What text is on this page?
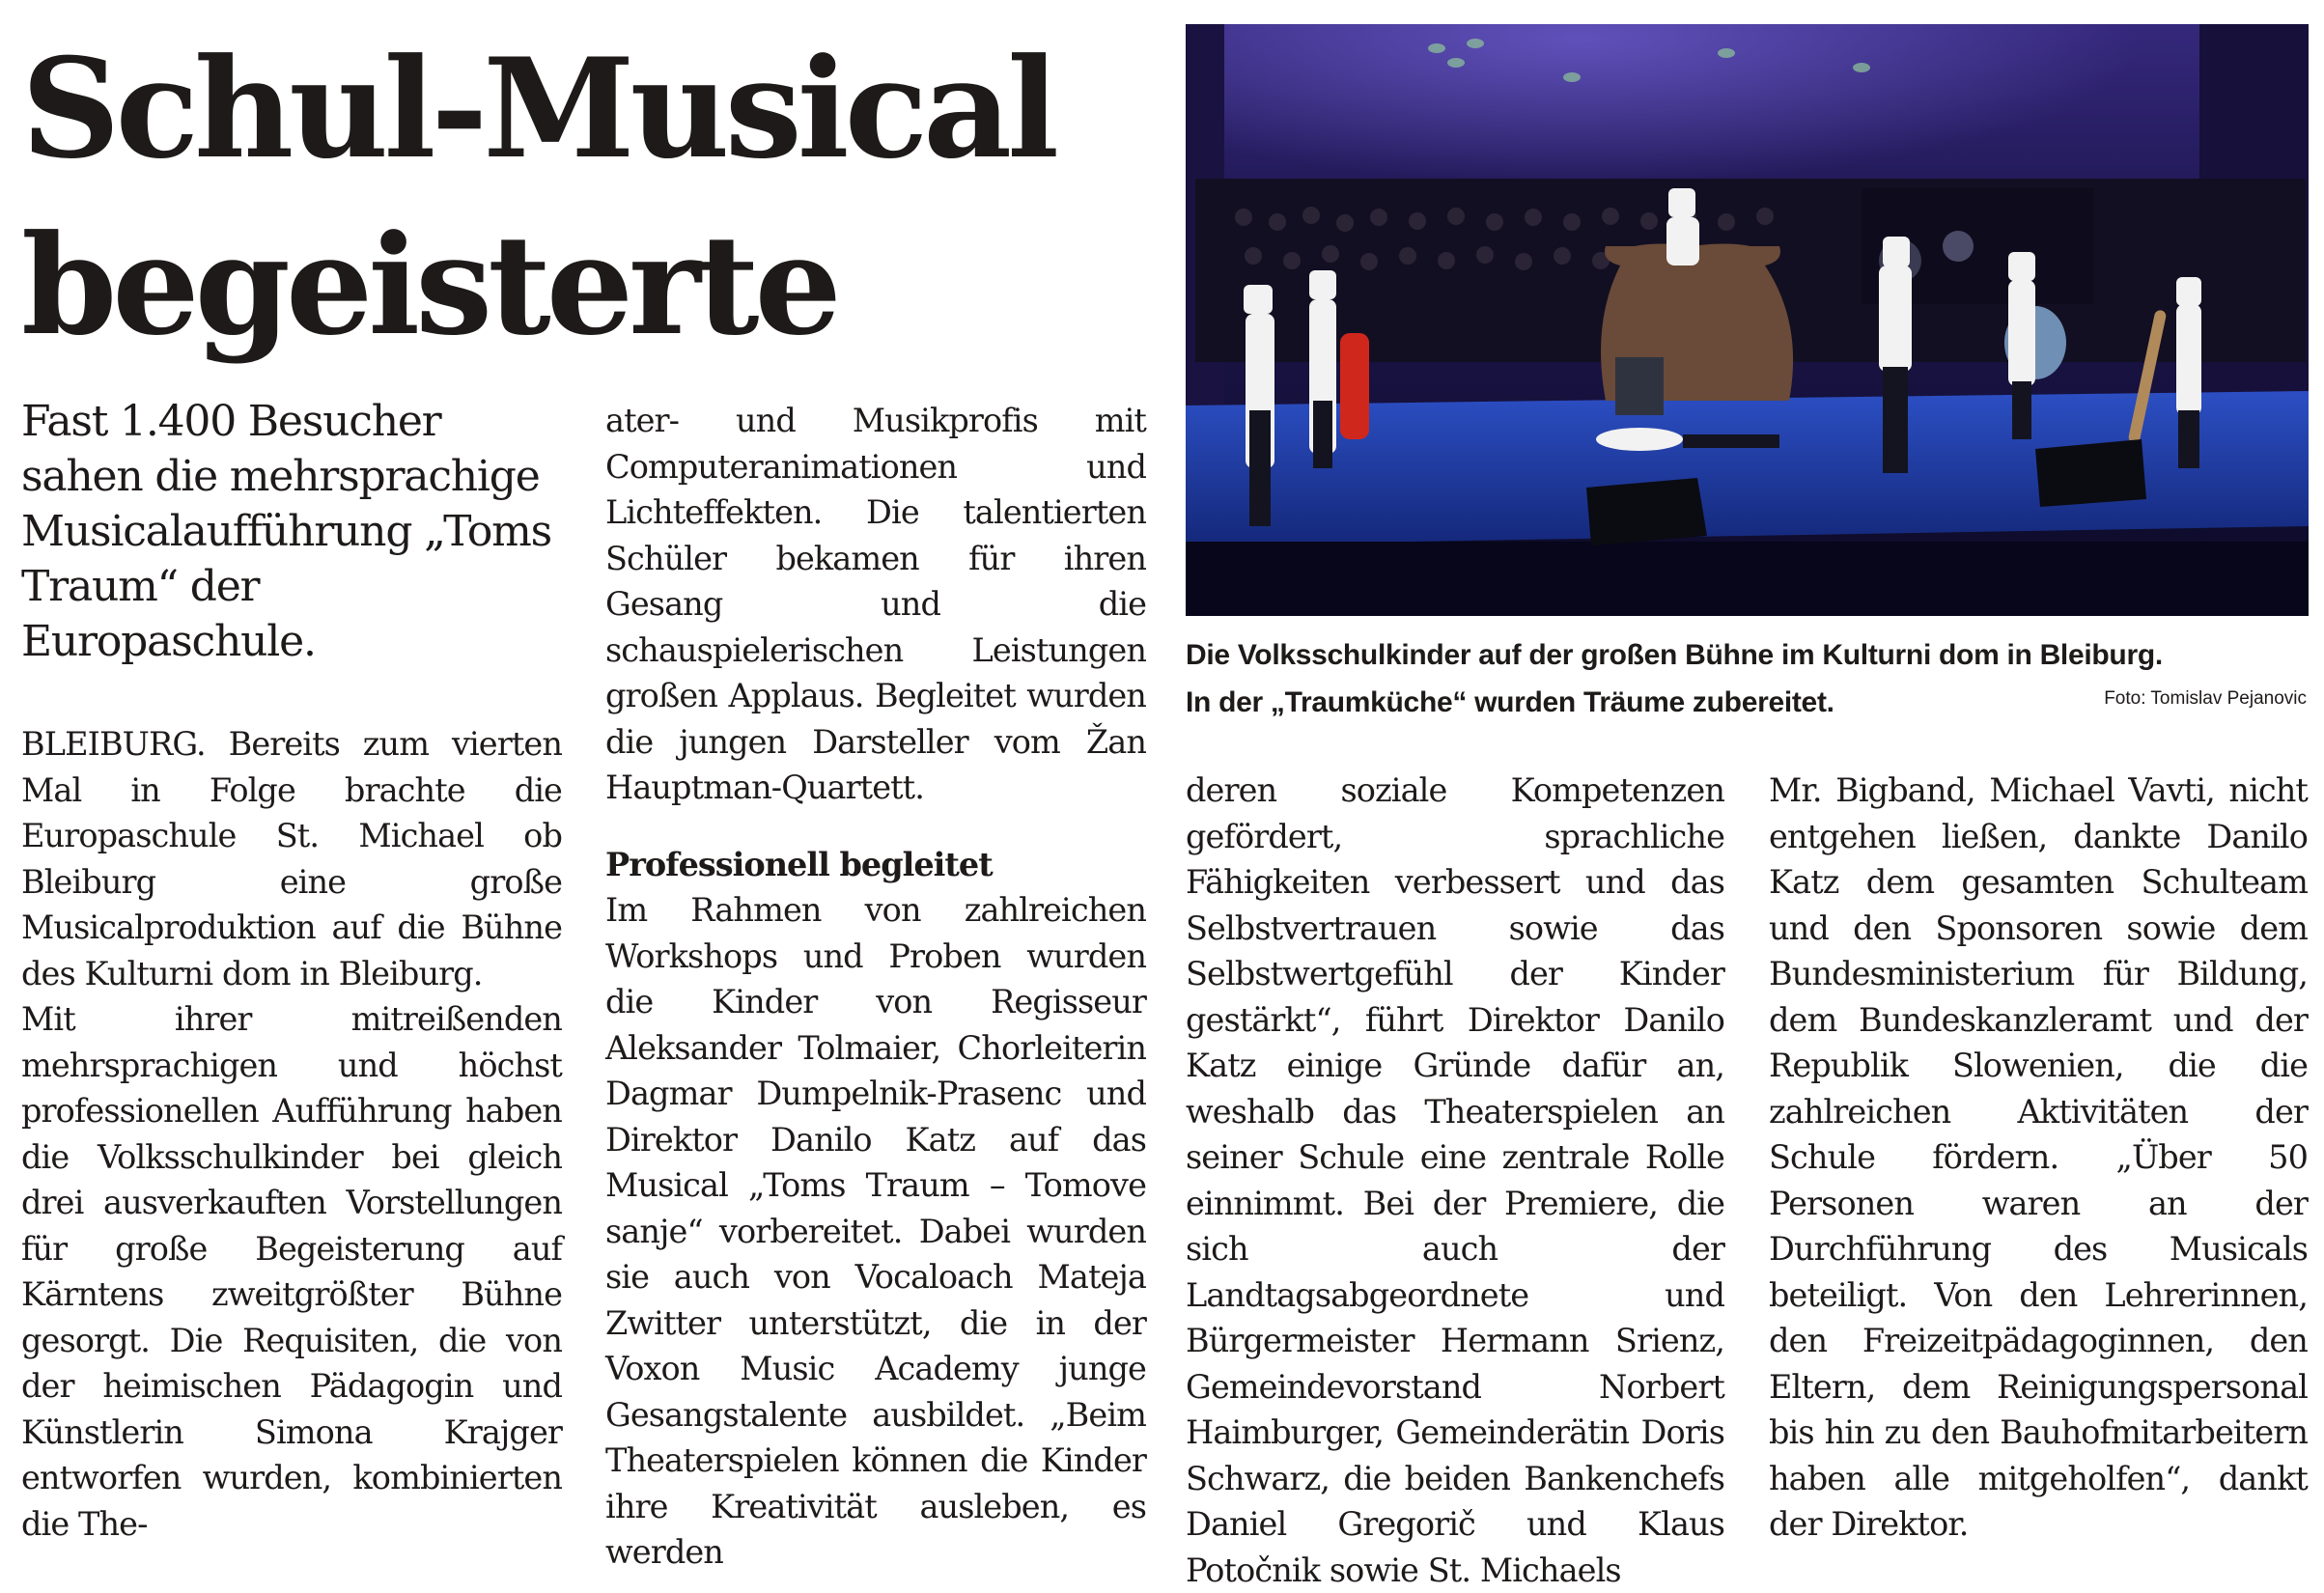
Schul-Musical
begeisterte
Fast 1.400 Besucher sahen die mehrsprachige Musicalaufführung „Toms Traum“ der Europaschule.

BLEIBURG. Bereits zum vierten Mal in Folge brachte die Europaschule St. Michael ob Bleiburg eine große Musicalproduktion auf die Bühne des Kulturni dom in Bleiburg.

Mit ihrer mitreißenden mehrsprachigen und höchst professionellen Aufführung haben die Volksschulkinder bei gleich drei ausverkauften Vorstellungen für große Begeisterung auf Kärntens zweitgrößter Bühne gesorgt. Die Requisiten, die von der heimischen Pädagogin und Künstlerin Simona Krajger entworfen wurden, kombinierten die The-

ater- und Musikprofis mit Computeranimationen und Lichteffekten. Die talentierten Schüler bekamen für ihren Gesang und die schauspielerischen Leistungen großen Applaus. Begleitet wurden die jungen Darsteller vom Žan Hauptman-Quartett.

Professionell begleitet

Im Rahmen von zahlreichen Workshops und Proben wurden die Kinder von Regisseur Aleksander Tolmaier, Chorleiterin Dagmar Dumpelnik-Prasenc und Direktor Danilo Katz auf das Musical „Toms Traum – Tomove sanje“ vorbereitet. Dabei wurden sie auch von Vocaloach Mateja Zwitter unterstützt, die in der Voxon Music Academy junge Gesangstalente ausbildet. „Beim Theaterspielen können die Kinder ihre Kreativität ausleben, es werden

deren soziale Kompetenzen gefördert, sprachliche Fähigkeiten verbessert und das Selbstvertrauen sowie das Selbstwertgefühl der Kinder gestärkt“, führt Direktor Danilo Katz einige Gründe dafür an, weshalb das Theaterspielen an seiner Schule eine zentrale Rolle einnimmt. Bei der Premiere, die sich auch der Landtagsabgeordnete und Bürgermeister Hermann Srienz, Gemeindevorstand Norbert Haimburger, Gemeinderätin Doris Schwarz, die beiden Bankenchefs Daniel Gregorič und Klaus Potočnik sowie St. Michaels

Mr. Bigband, Michael Vavti, nicht entgehen ließen, dankte Danilo Katz dem gesamten Schulteam und den Sponsoren sowie dem Bundesministerium für Bildung, dem Bundeskanzleramt und der Republik Slowenien, die die zahlreichen Aktivitäten der Schule fördern. „Über 50 Personen waren an der Durchführung des Musicals beteiligt. Von den Lehrerinnen, den Freizeitpädagoginnen, den Eltern, dem Reinigungspersonal bis hin zu den Bauhofmitarbeitern haben alle mitgeholfen“, dankt der Direktor.

Die Volksschulkinder auf der großen Bühne im Kulturni dom in Bleiburg.
In der „Traumküche“ wurden Träume zubereitet.	Foto: Tomislav Pejanovic
